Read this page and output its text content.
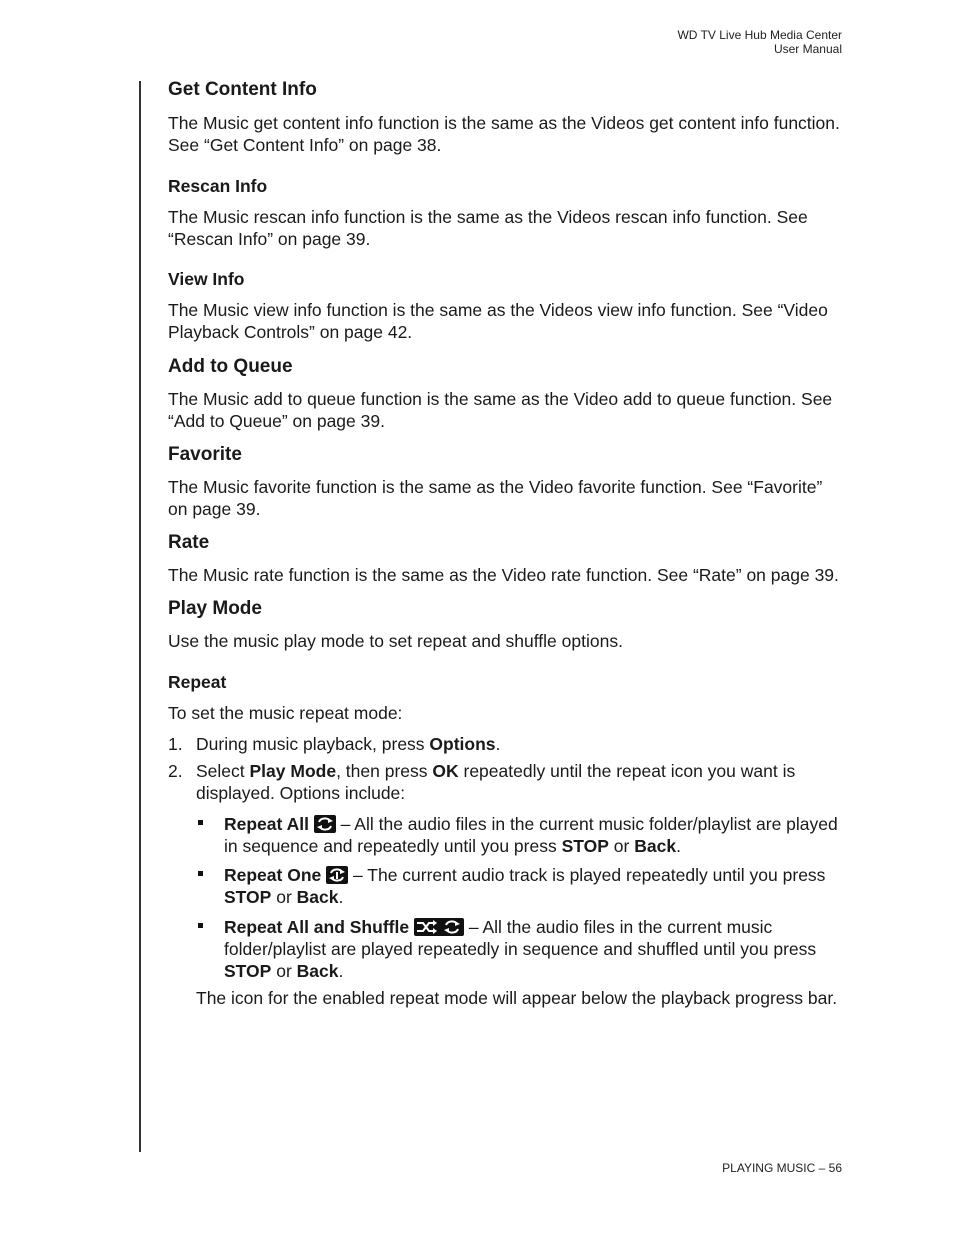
WD TV Live Hub Media Center
User Manual
Get Content Info

The Music get content info function is the same as the Videos get content info function. See “Get Content Info” on page 38.

Rescan Info

The Music rescan info function is the same as the Videos rescan info function. See “Rescan Info” on page 39.

View Info

The Music view info function is the same as the Videos view info function. See “Video Playback Controls” on page 42.

Add to Queue

The Music add to queue function is the same as the Video add to queue function. See “Add to Queue” on page 39.

Favorite

The Music favorite function is the same as the Video favorite function. See “Favorite” on page 39.

Rate

The Music rate function is the same as the Video rate function. See “Rate” on page 39.

Play Mode

Use the music play mode to set repeat and shuffle options.

Repeat

To set the music repeat mode:

1. During music playback, press Options.
2. Select Play Mode, then press OK repeatedly until the repeat icon you want is displayed. Options include:
Repeat All
– All the audio files in the current music folder/playlist are played in sequence and repeatedly until you press STOP or Back.
Repeat One
– The current audio track is played repeatedly until you press STOP or Back.
Repeat All and Shuffle	– All the audio files in the current music folder/playlist are played repeatedly in sequence and shuffled until you press STOP or Back.

The icon for the enabled repeat mode will appear below the playback progress bar.

PLAYING MUSIC – 56
